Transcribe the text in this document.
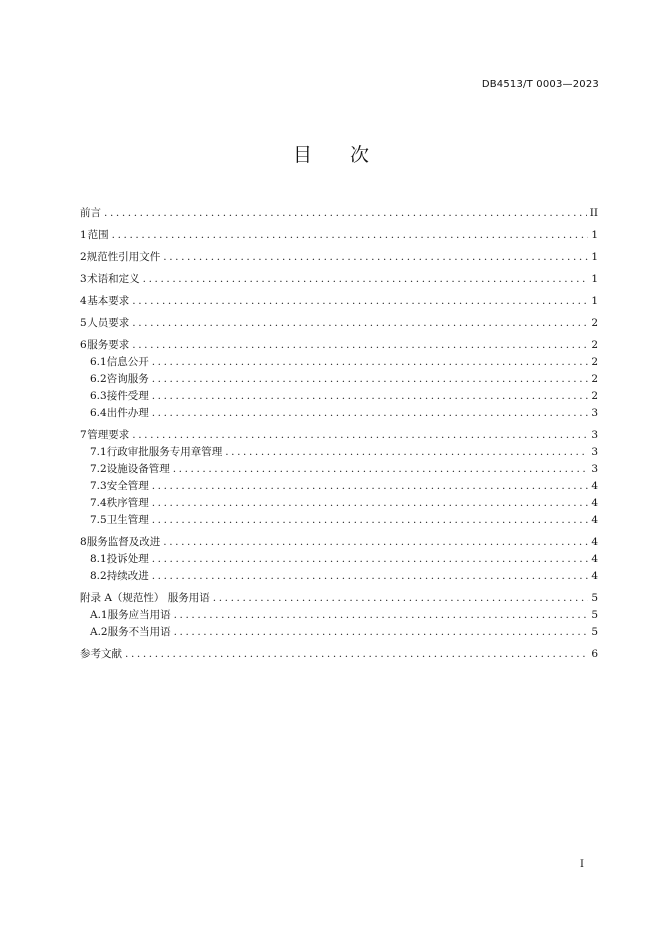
DB4513/T 0003—2023
目 次
前言 .....	II
1 范围 .....	1
2 规范性引用文件 .....	1
3 术语和定义 .....	1
4 基本要求 .....	1
5 人员要求 .....	2
6 服务要求 .....	2
6.1 信息公开 .....	2
6.2 咨询服务 .....	2
6.3 接件受理 .....	2
6.4 出件办理 .....	3
7 管理要求 .....	3
7.1 行政审批服务专用章管理 .....	3
7.2 设施设备管理 .....	3
7.3 安全管理 .....	4
7.4 秩序管理 .....	4
7.5 卫生管理 .....	4
8 服务监督及改进 .....	4
8.1 投诉处理 .....	4
8.2 持续改进 .....	4
附录 A（规范性） 服务用语 .....	5
A.1 服务应当用语 .....	5
A.2 服务不当用语 .....	5
参考文献 .....	6
I
